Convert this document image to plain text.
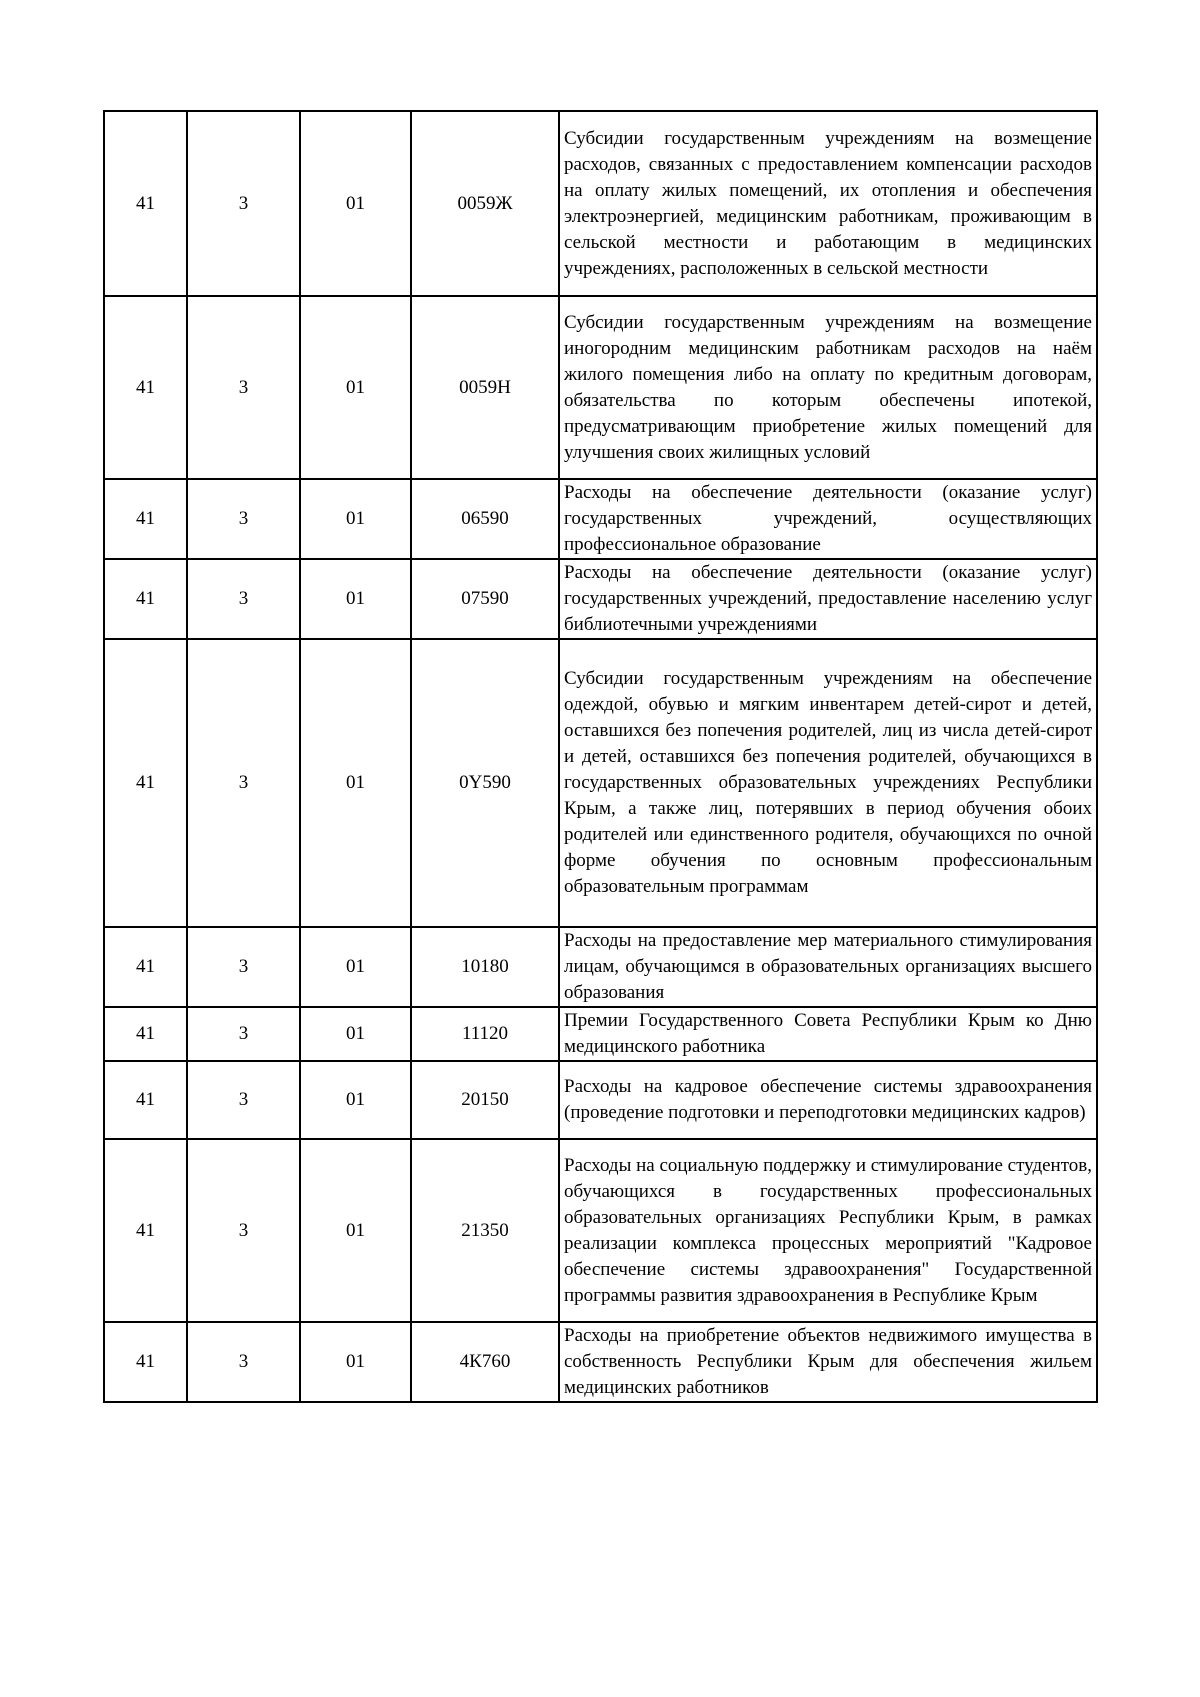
41	3	01	0059Ж	Субсидии государственным учреждениям на возмещение расходов, связанных с предоставлением компенсации расходов на оплату жилых помещений, их отопления и обеспечения электроэнергией, медицинским работникам, проживающим в сельской местности и работающим в медицинских учреждениях, расположенных в сельской местности

41	3	01	0059Н	Субсидии государственным учреждениям на возмещение иногородним медицинским работникам расходов на наём жилого помещения либо на оплату по кредитным договорам, обязательства по которым обеспечены ипотекой, предусматривающим приобретение жилых помещений для улучшения своих жилищных условий

41	3	01	06590	Расходы на обеспечение деятельности (оказание услуг) государственных учреждений, осуществляющих профессиональное образование

41	3	01	07590	Расходы на обеспечение деятельности (оказание услуг) государственных учреждений, предоставление населению услуг библиотечными учреждениями

41	3	01	0Y590	Субсидии государственным учреждениям на обеспечение одеждой, обувью и мягким инвентарем детей-сирот и детей, оставшихся без попечения родителей, лиц из числа детей-сирот и детей, оставшихся без попечения родителей, обучающихся в государственных образовательных учреждениях Республики Крым, а также лиц, потерявших в период обучения обоих родителей или единственного родителя, обучающихся по очной форме обучения по основным профессиональным образовательным программам

41	3	01	10180	Расходы на предоставление мер материального стимулирования лицам, обучающимся в образовательных организациях высшего образования

41	3	01	11120	Премии Государственного Совета Республики Крым ко Дню медицинского работника

41	3	01	20150	Расходы на кадровое обеспечение системы здравоохранения (проведение подготовки и переподготовки медицинских кадров)

41	3	01	21350	Расходы на социальную поддержку и стимулирование студентов, обучающихся в государственных профессиональных образовательных организациях Республики Крым, в рамках реализации комплекса процессных мероприятий "Кадровое обеспечение системы здравоохранения" Государственной программы развития здравоохранения в Республике Крым

41	3	01	4К760	Расходы на приобретение объектов недвижимого имущества в собственность Республики Крым для обеспечения жильем медицинских работников
